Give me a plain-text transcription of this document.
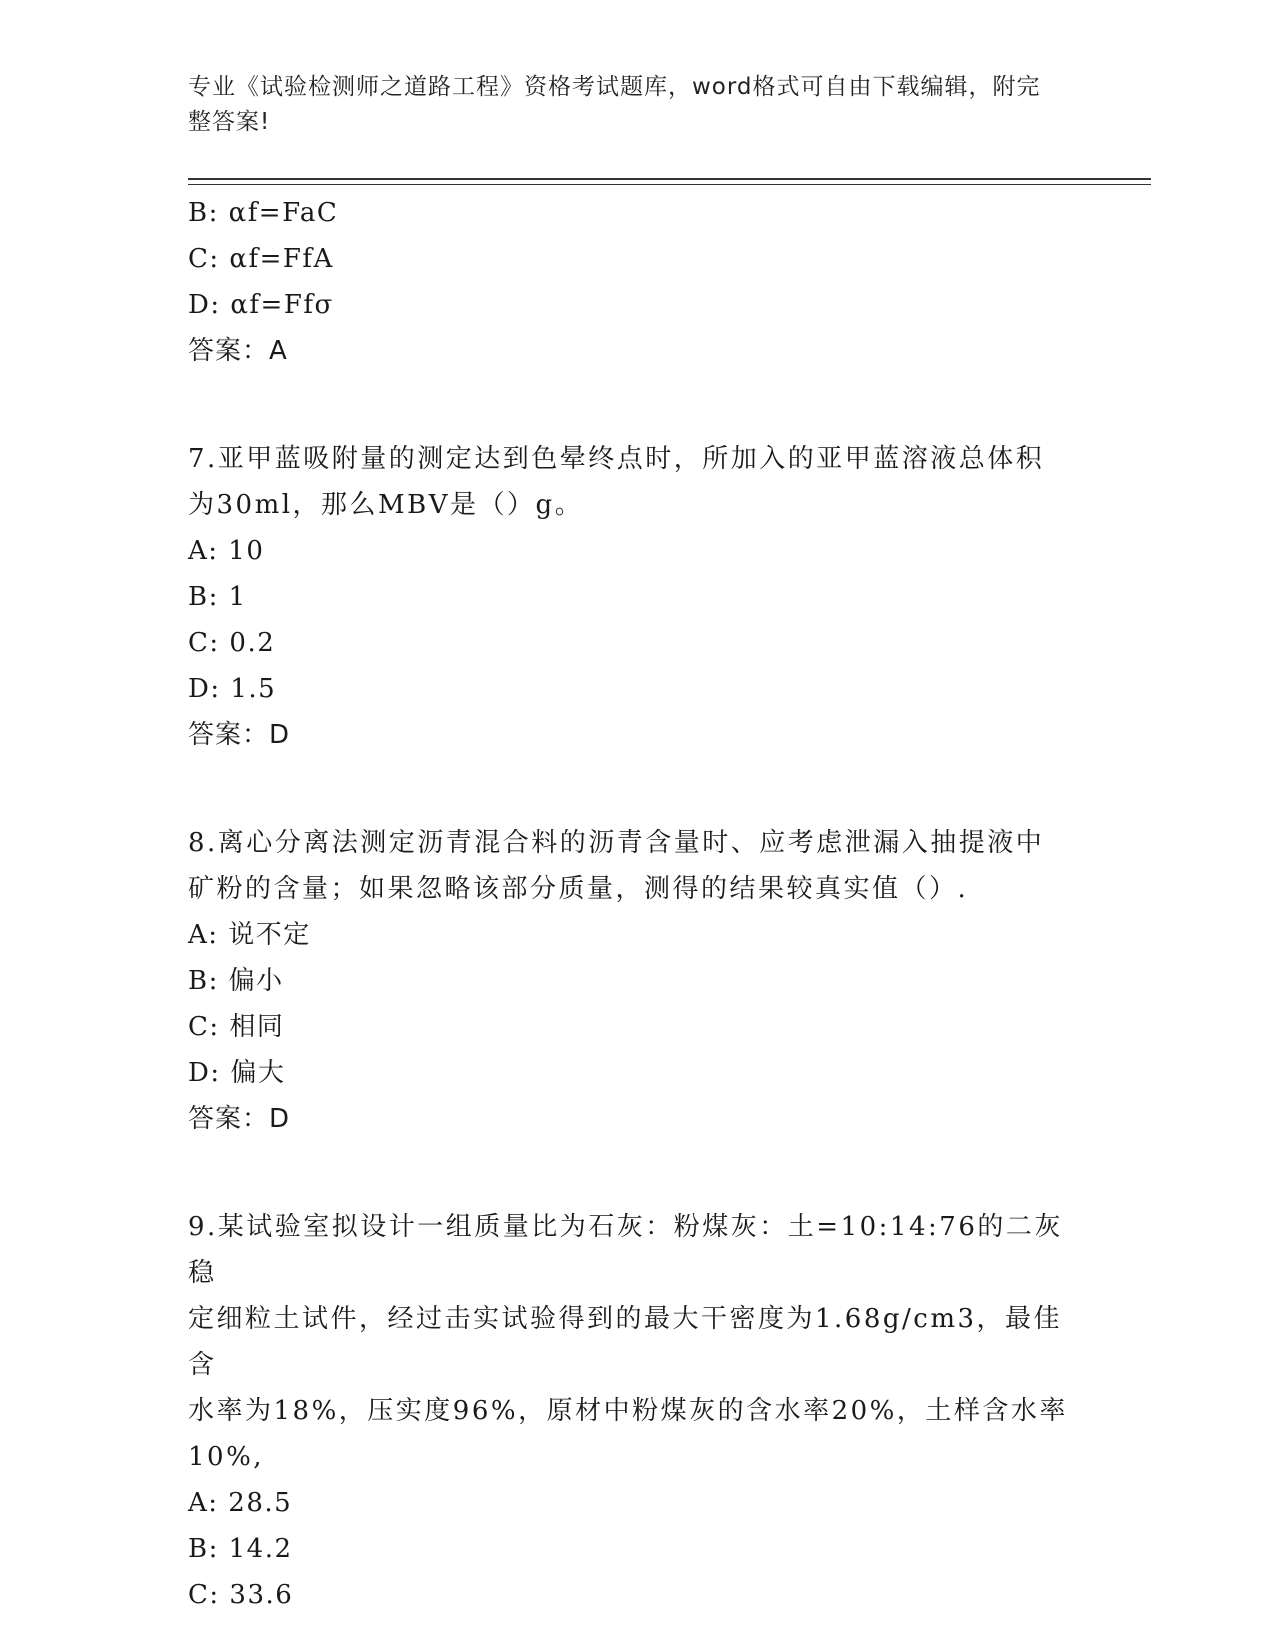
专业《试验检测师之道路工程》资格考试题库，word格式可自由下载编辑，附完
整答案!
B: αf=FaC
C: αf=FfA
D: αf=Ffσ
答案：A
7.亚甲蓝吸附量的测定达到色晕终点时，所加入的亚甲蓝溶液总体积
为30ml，那么MBV是（）g。
A: 10
B: 1
C: 0.2
D: 1.5
答案：D
8.离心分离法测定沥青混合料的沥青含量时、应考虑泄漏入抽提液中
矿粉的含量；如果忽略该部分质量，测得的结果较真实值（）.
A: 说不定
B: 偏小
C: 相同
D: 偏大
答案：D
9.某试验室拟设计一组质量比为石灰：粉煤灰：土=10:14:76的二灰稳
定细粒土试件，经过击实试验得到的最大干密度为1.68g/cm3，最佳含
水率为18%，压实度96%，原材中粉煤灰的含水率20%，土样含水率
10%,
A: 28.5
B: 14.2
C: 33.6
